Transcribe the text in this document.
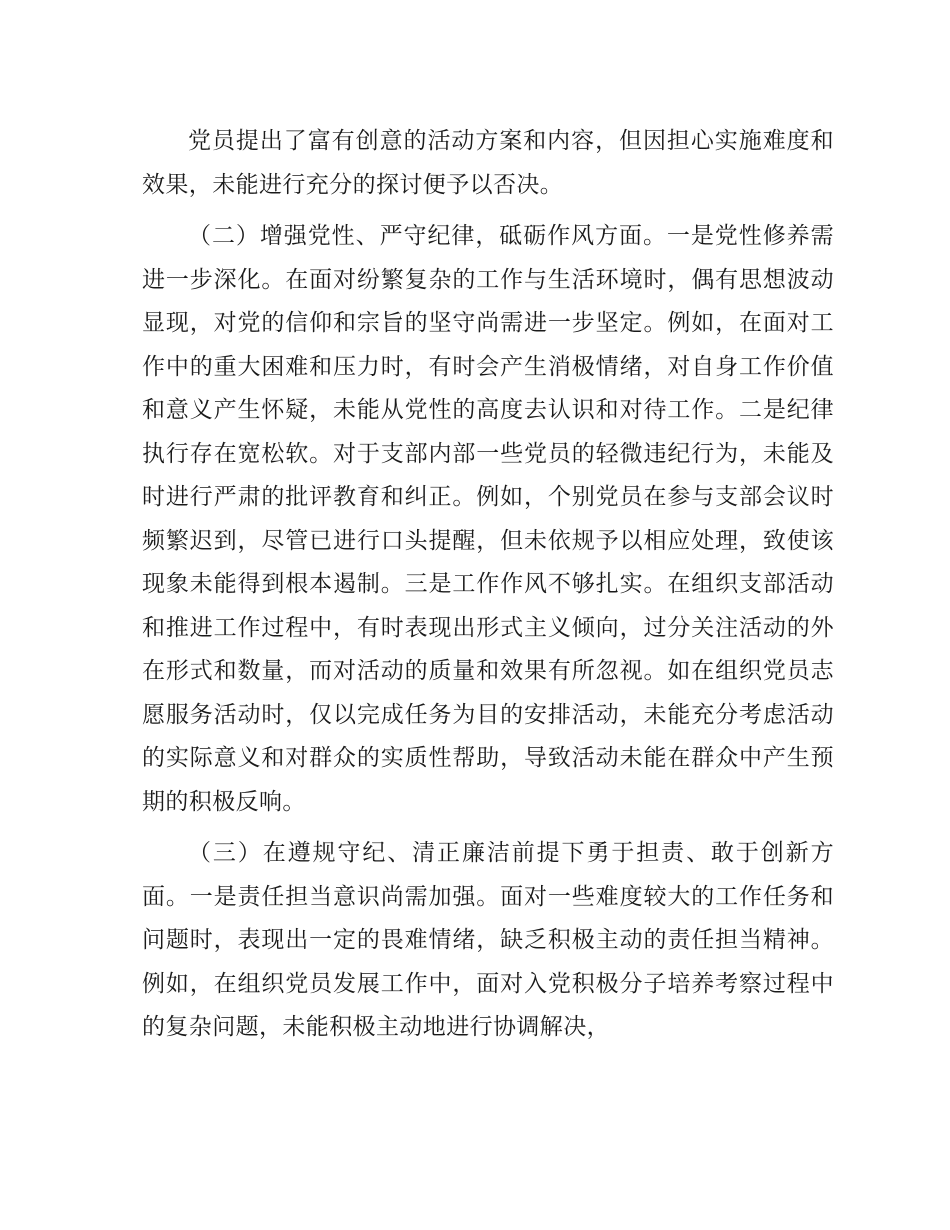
党员提出了富有创意的活动方案和内容，但因担心实施难度和效果，未能进行充分的探讨便予以否决。

（二）增强党性、严守纪律，砥砺作风方面。一是党性修养需进一步深化。在面对纷繁复杂的工作与生活环境时，偶有思想波动显现，对党的信仰和宗旨的坚守尚需进一步坚定。例如，在面对工作中的重大困难和压力时，有时会产生消极情绪，对自身工作价值和意义产生怀疑，未能从党性的高度去认识和对待工作。二是纪律执行存在宽松软。对于支部内部一些党员的轻微违纪行为，未能及时进行严肃的批评教育和纠正。例如，个别党员在参与支部会议时频繁迟到，尽管已进行口头提醒，但未依规予以相应处理，致使该现象未能得到根本遏制。三是工作作风不够扎实。在组织支部活动和推进工作过程中，有时表现出形式主义倾向，过分关注活动的外在形式和数量，而对活动的质量和效果有所忽视。如在组织党员志愿服务活动时，仅以完成任务为目的安排活动，未能充分考虑活动的实际意义和对群众的实质性帮助，导致活动未能在群众中产生预期的积极反响。

（三）在遵规守纪、清正廉洁前提下勇于担责、敢于创新方面。一是责任担当意识尚需加强。面对一些难度较大的工作任务和问题时，表现出一定的畏难情绪，缺乏积极主动的责任担当精神。例如，在组织党员发展工作中，面对入党积极分子培养考察过程中的复杂问题，未能积极主动地进行协调解决，
